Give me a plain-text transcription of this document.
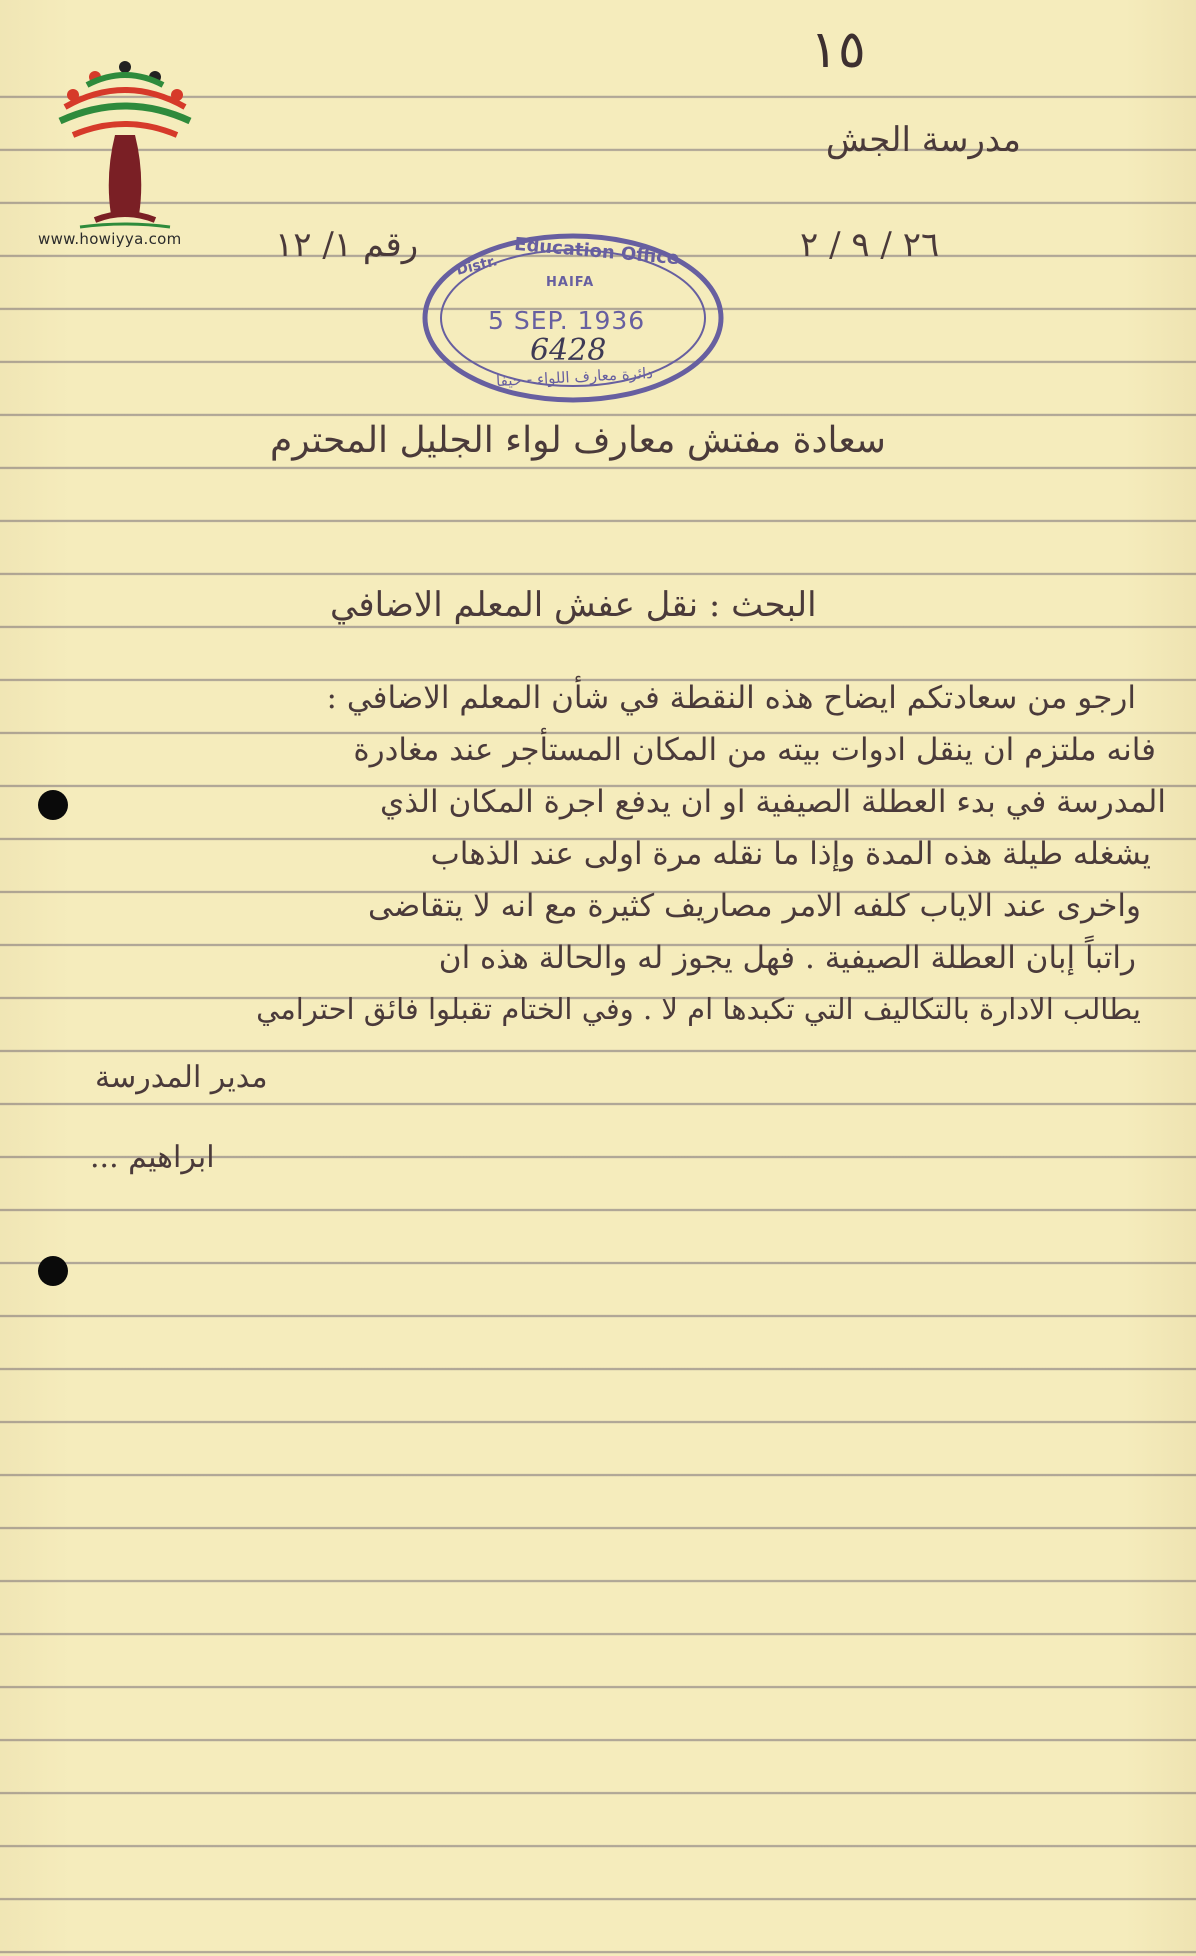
www.howiyya.com
١٥
مدرسة الجش
٢٦ / ٩ / ٢
رقم ١/ ١٢	Education Office
Distr.
HAIFA
5 SEP. 1936
6428
دائرة معارف اللواء - حيفا
سعادة مفتش معارف لواء الجليل المحترم
البحث : نقل عفش المعلم الاضافي
ارجو من سعادتكم ايضاح هذه النقطة في شأن المعلم الاضافي :
فانه ملتزم ان ينقل ادوات بيته من المكان المستأجر عند مغادرة
المدرسة في بدء العطلة الصيفية او ان يدفع اجرة المكان الذي
يشغله طيلة هذه المدة وإذا ما نقله مرة اولى عند الذهاب
واخرى عند الاياب كلفه الامر مصاريف كثيرة مع انه لا يتقاضى
راتباً إبان العطلة الصيفية . فهل يجوز له والحالة هذه ان
يطالب الادارة بالتكاليف التي تكبدها ام لا . وفي الختام تقبلوا فائق احترامي
مدير المدرسة
ابراهيم ...
